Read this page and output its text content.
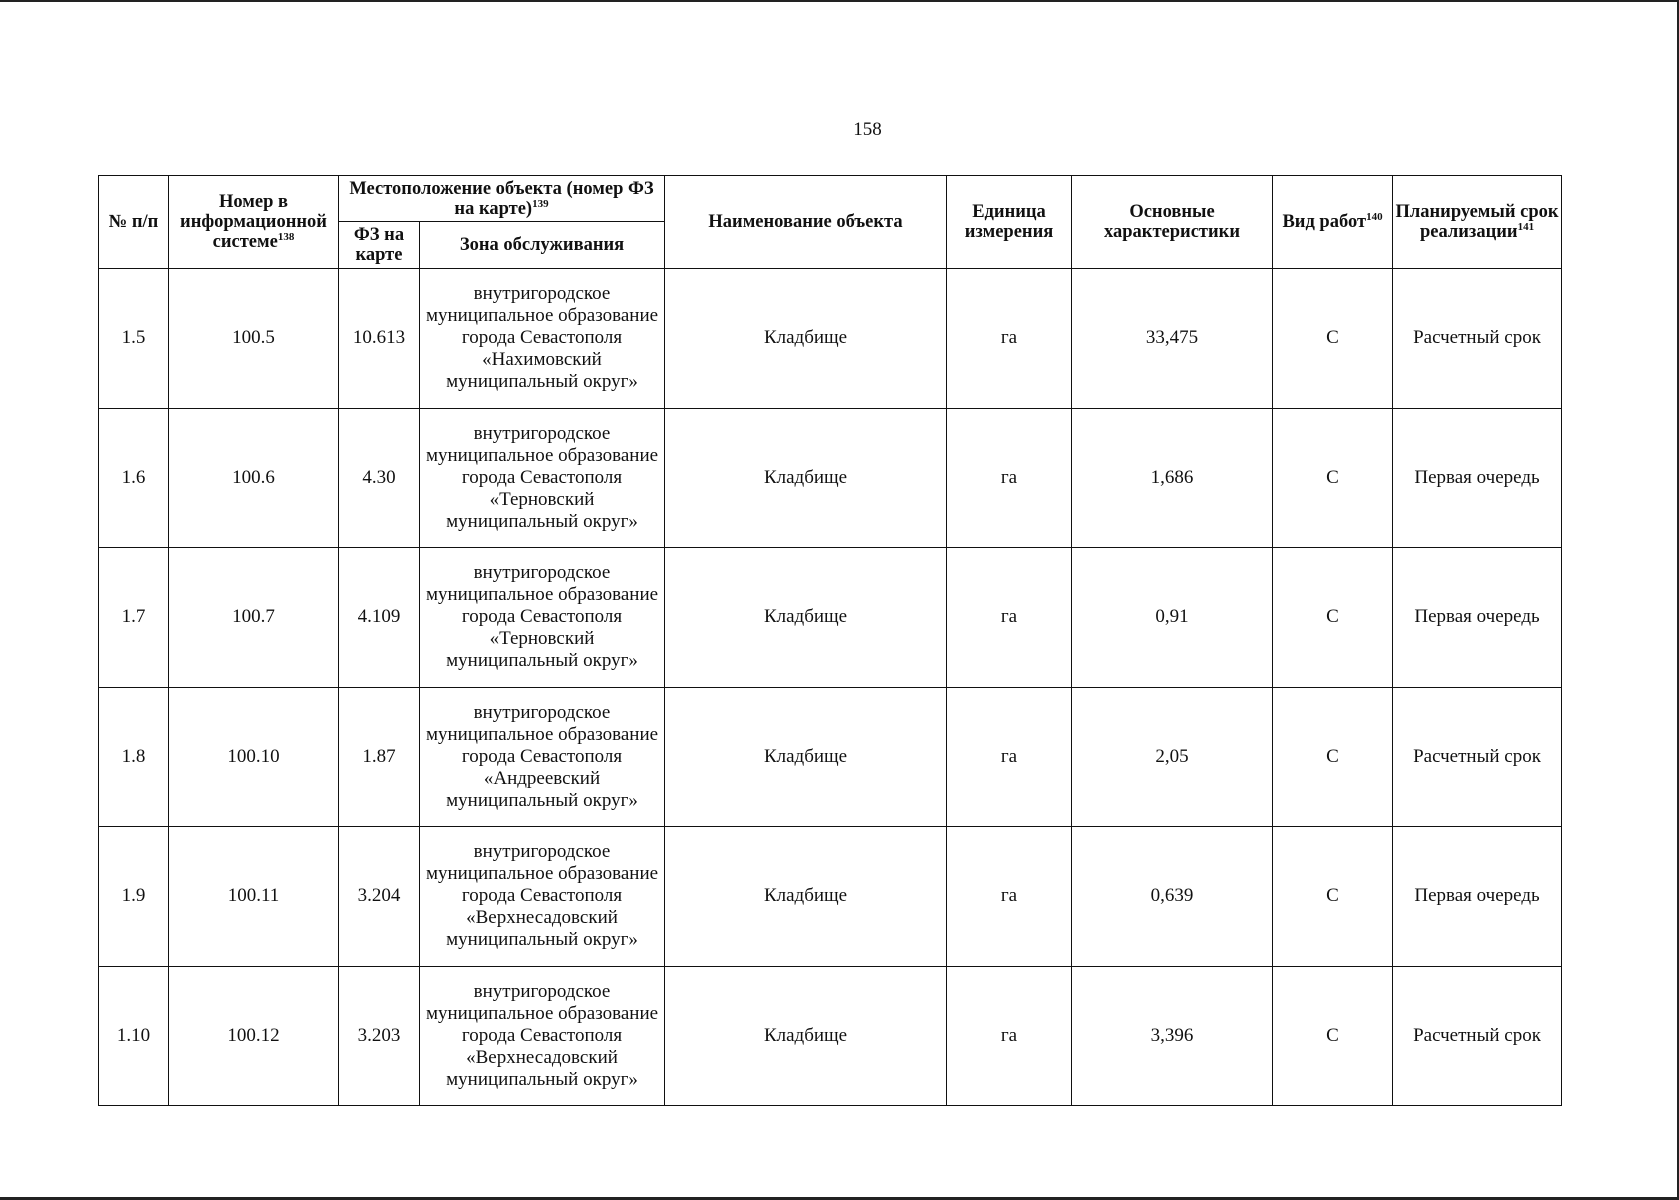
158
№ п/п	Номер в информационной системе$^{138}$	Местоположение объекта (номер ФЗ на карте)$^{139}$		Наименование объекта	Единица измерения	Основные характеристики	Вид работ$^{140}$	Планируемый срок реализации$^{141}$
		ФЗ на карте	Зона обслуживания					
1.5	100.5	10.613	внутригородское муниципальное образование города Севастополя «Нахимовский муниципальный округ»	Кладбище	га	33,475	С	Расчетный срок
1.6	100.6	4.30	внутригородское муниципальное образование города Севастополя «Терновский муниципальный округ»	Кладбище	га	1,686	С	Первая очередь
1.7	100.7	4.109	внутригородское муниципальное образование города Севастополя «Терновский муниципальный округ»	Кладбище	га	0,91	С	Первая очередь
1.8	100.10	1.87	внутригородское муниципальное образование города Севастополя «Андреевский муниципальный округ»	Кладбище	га	2,05	С	Расчетный срок
1.9	100.11	3.204	внутригородское муниципальное образование города Севастополя «Верхнесадовский муниципальный округ»	Кладбище	га	0,639	С	Первая очередь
1.10	100.12	3.203	внутригородское муниципальное образование города Севастополя «Верхнесадовский муниципальный округ»	Кладбище	га	3,396	С	Расчетный срок
